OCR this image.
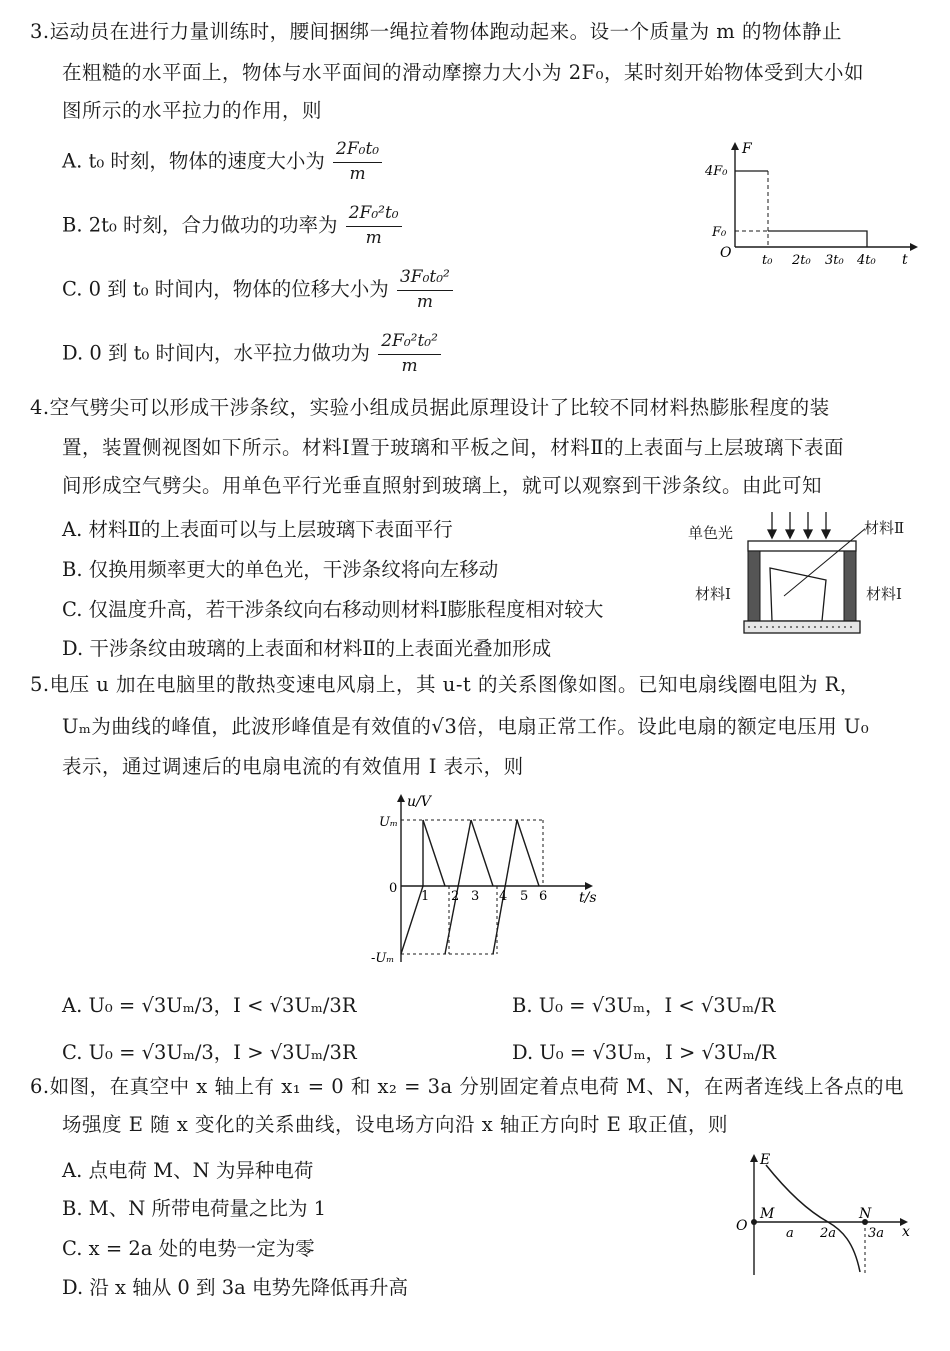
3.运动员在进行力量训练时，腰间捆绑一绳拉着物体跑动起来。设一个质量为 m 的物体静止
在粗糙的水平面上，物体与水平面间的滑动摩擦力大小为 2F₀，某时刻开始物体受到大小如
图所示的水平拉力的作用，则
A. t₀ 时刻，物体的速度大小为 $\frac{\text{2F₀t₀}}{m}$
B. 2t₀ 时刻，合力做功的功率为 $\frac{\text{2F₀²t₀}}{m}$
C. 0 到 t₀ 时间内，物体的位移大小为 $\frac{\text{3F₀t₀²}}{m}$
D. 0 到 t₀ 时间内，水平拉力做功为 $\frac{\text{2F₀²t₀²}}{m}$
F
t
O
4F₀
F₀
t₀ 2t₀ 3t₀ 4t₀
4.空气劈尖可以形成干涉条纹，实验小组成员据此原理设计了比较不同材料热膨胀程度的装
置，装置侧视图如下所示。材料Ⅰ置于玻璃和平板之间，材料Ⅱ的上表面与上层玻璃下表面
间形成空气劈尖。用单色平行光垂直照射到玻璃上，就可以观察到干涉条纹。由此可知
A. 材料Ⅱ的上表面可以与上层玻璃下表面平行
B. 仅换用频率更大的单色光，干涉条纹将向左移动
C. 仅温度升高，若干涉条纹向右移动则材料Ⅰ膨胀程度相对较大
D. 干涉条纹由玻璃的上表面和材料Ⅱ的上表面光叠加形成
单色光	材料Ⅱ
材料Ⅰ	材料Ⅰ
5.电压 u 加在电脑里的散热变速电风扇上，其 u-t 的关系图像如图。已知电扇线圈电阻为 R，
Uₘ为曲线的峰值，此波形峰值是有效值的√3倍，电扇正常工作。设此电扇的额定电压用 U₀
表示，通过调速后的电扇电流的有效值用 I 表示，则
u/V
t/s
Uₘ
-Uₘ
0
1 2 3 4 5 6
A. U₀ = √3Uₘ/3，I < √3Uₘ/3R	B. U₀ = √3Uₘ，I < √3Uₘ/R
C. U₀ = √3Uₘ/3，I > √3Uₘ/3R	D. U₀ = √3Uₘ，I > √3Uₘ/R
6.如图，在真空中 x 轴上有 x₁ = 0 和 x₂ = 3a 分别固定着点电荷 M、N，在两者连线上各点的电
场强度 E 随 x 变化的关系曲线，设电场方向沿 x 轴正方向时 E 取正值，则
A. 点电荷 M、N 为异种电荷
B. M、N 所带电荷量之比为 1
C. x = 2a 处的电势一定为零
D. 沿 x 轴从 0 到 3a 电势先降低再升高
E
x
O
M	N
a 2a 3a
